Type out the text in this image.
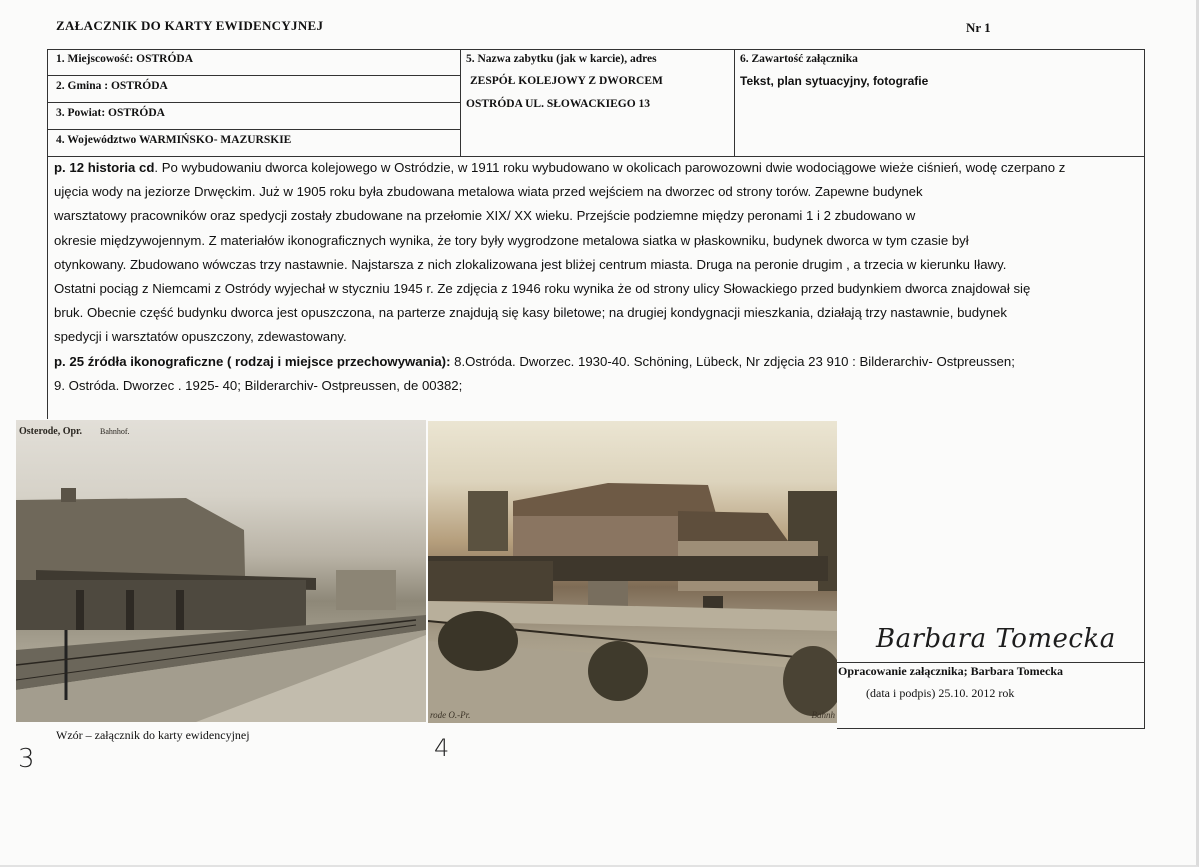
ZAŁACZNIK DO KARTY EWIDENCYJNEJ	Nr 1
1. Miejscowość: OSTRÓDA
2. Gmina : OSTRÓDA
3. Powiat: OSTRÓDA
4. Województwo WARMIŃSKO- MAZURSKIE
5. Nazwa zabytku (jak w karcie), adres
ZESPÓŁ KOLEJOWY Z DWORCEM
OSTRÓDA UL. SŁOWACKIEGO 13
6. Zawartość załącznika
Tekst, plan sytuacyjny, fotografie

p. 12 historia cd. Po wybudowaniu dworca kolejowego w Ostródzie, w 1911 roku wybudowano w okolicach parowozowni dwie wodociągowe wieże ciśnień, wodę czerpano z

ujęcia wody na jeziorze Drwęckim. Już w 1905 roku była zbudowana metalowa wiata przed wejściem na dworzec od strony torów. Zapewne budynek

warsztatowy pracowników oraz spedycji zostały zbudowane na przełomie XIX/ XX wieku. Przejście podziemne między peronami 1 i 2 zbudowano w

okresie międzywojennym. Z materiałów ikonograficznych wynika, że tory były wygrodzone metalowa siatka w płaskowniku, budynek dworca w tym czasie był

otynkowany. Zbudowano wówczas trzy nastawnie. Najstarsza z nich zlokalizowana jest bliżej centrum miasta. Druga na peronie drugim , a trzecia w kierunku Iławy.

Ostatni pociąg z Niemcami z Ostródy wyjechał w styczniu 1945 r. Ze zdjęcia z 1946 roku wynika że od strony ulicy Słowackiego przed budynkiem dworca znajdował się

bruk. Obecnie część budynku dworca jest opuszczona, na parterze znajdują się kasy biletowe; na drugiej kondygnacji mieszkania, działają trzy nastawnie, budynek

spedycji i warsztatów opuszczony, zdewastowany.

p. 25 źródła ikonograficzne ( rodzaj i miejsce przechowywania): 8.Ostróda. Dworzec. 1930-40. Schöning, Lübeck, Nr zdjęcia 23 910 : Bilderarchiv- Ostpreussen;

9. Ostróda. Dworzec . 1925- 40; Bilderarchiv- Ostpreussen, de 00382;

Osterode, Opr. Bahnhof.
rode O.-Pr.	Bahnh
Barbara Tomecka
Opracowanie załącznika; Barbara Tomecka
(data i podpis) 25.10. 2012 rok
Wzór – załącznik do karty ewidencyjnej
3	4
